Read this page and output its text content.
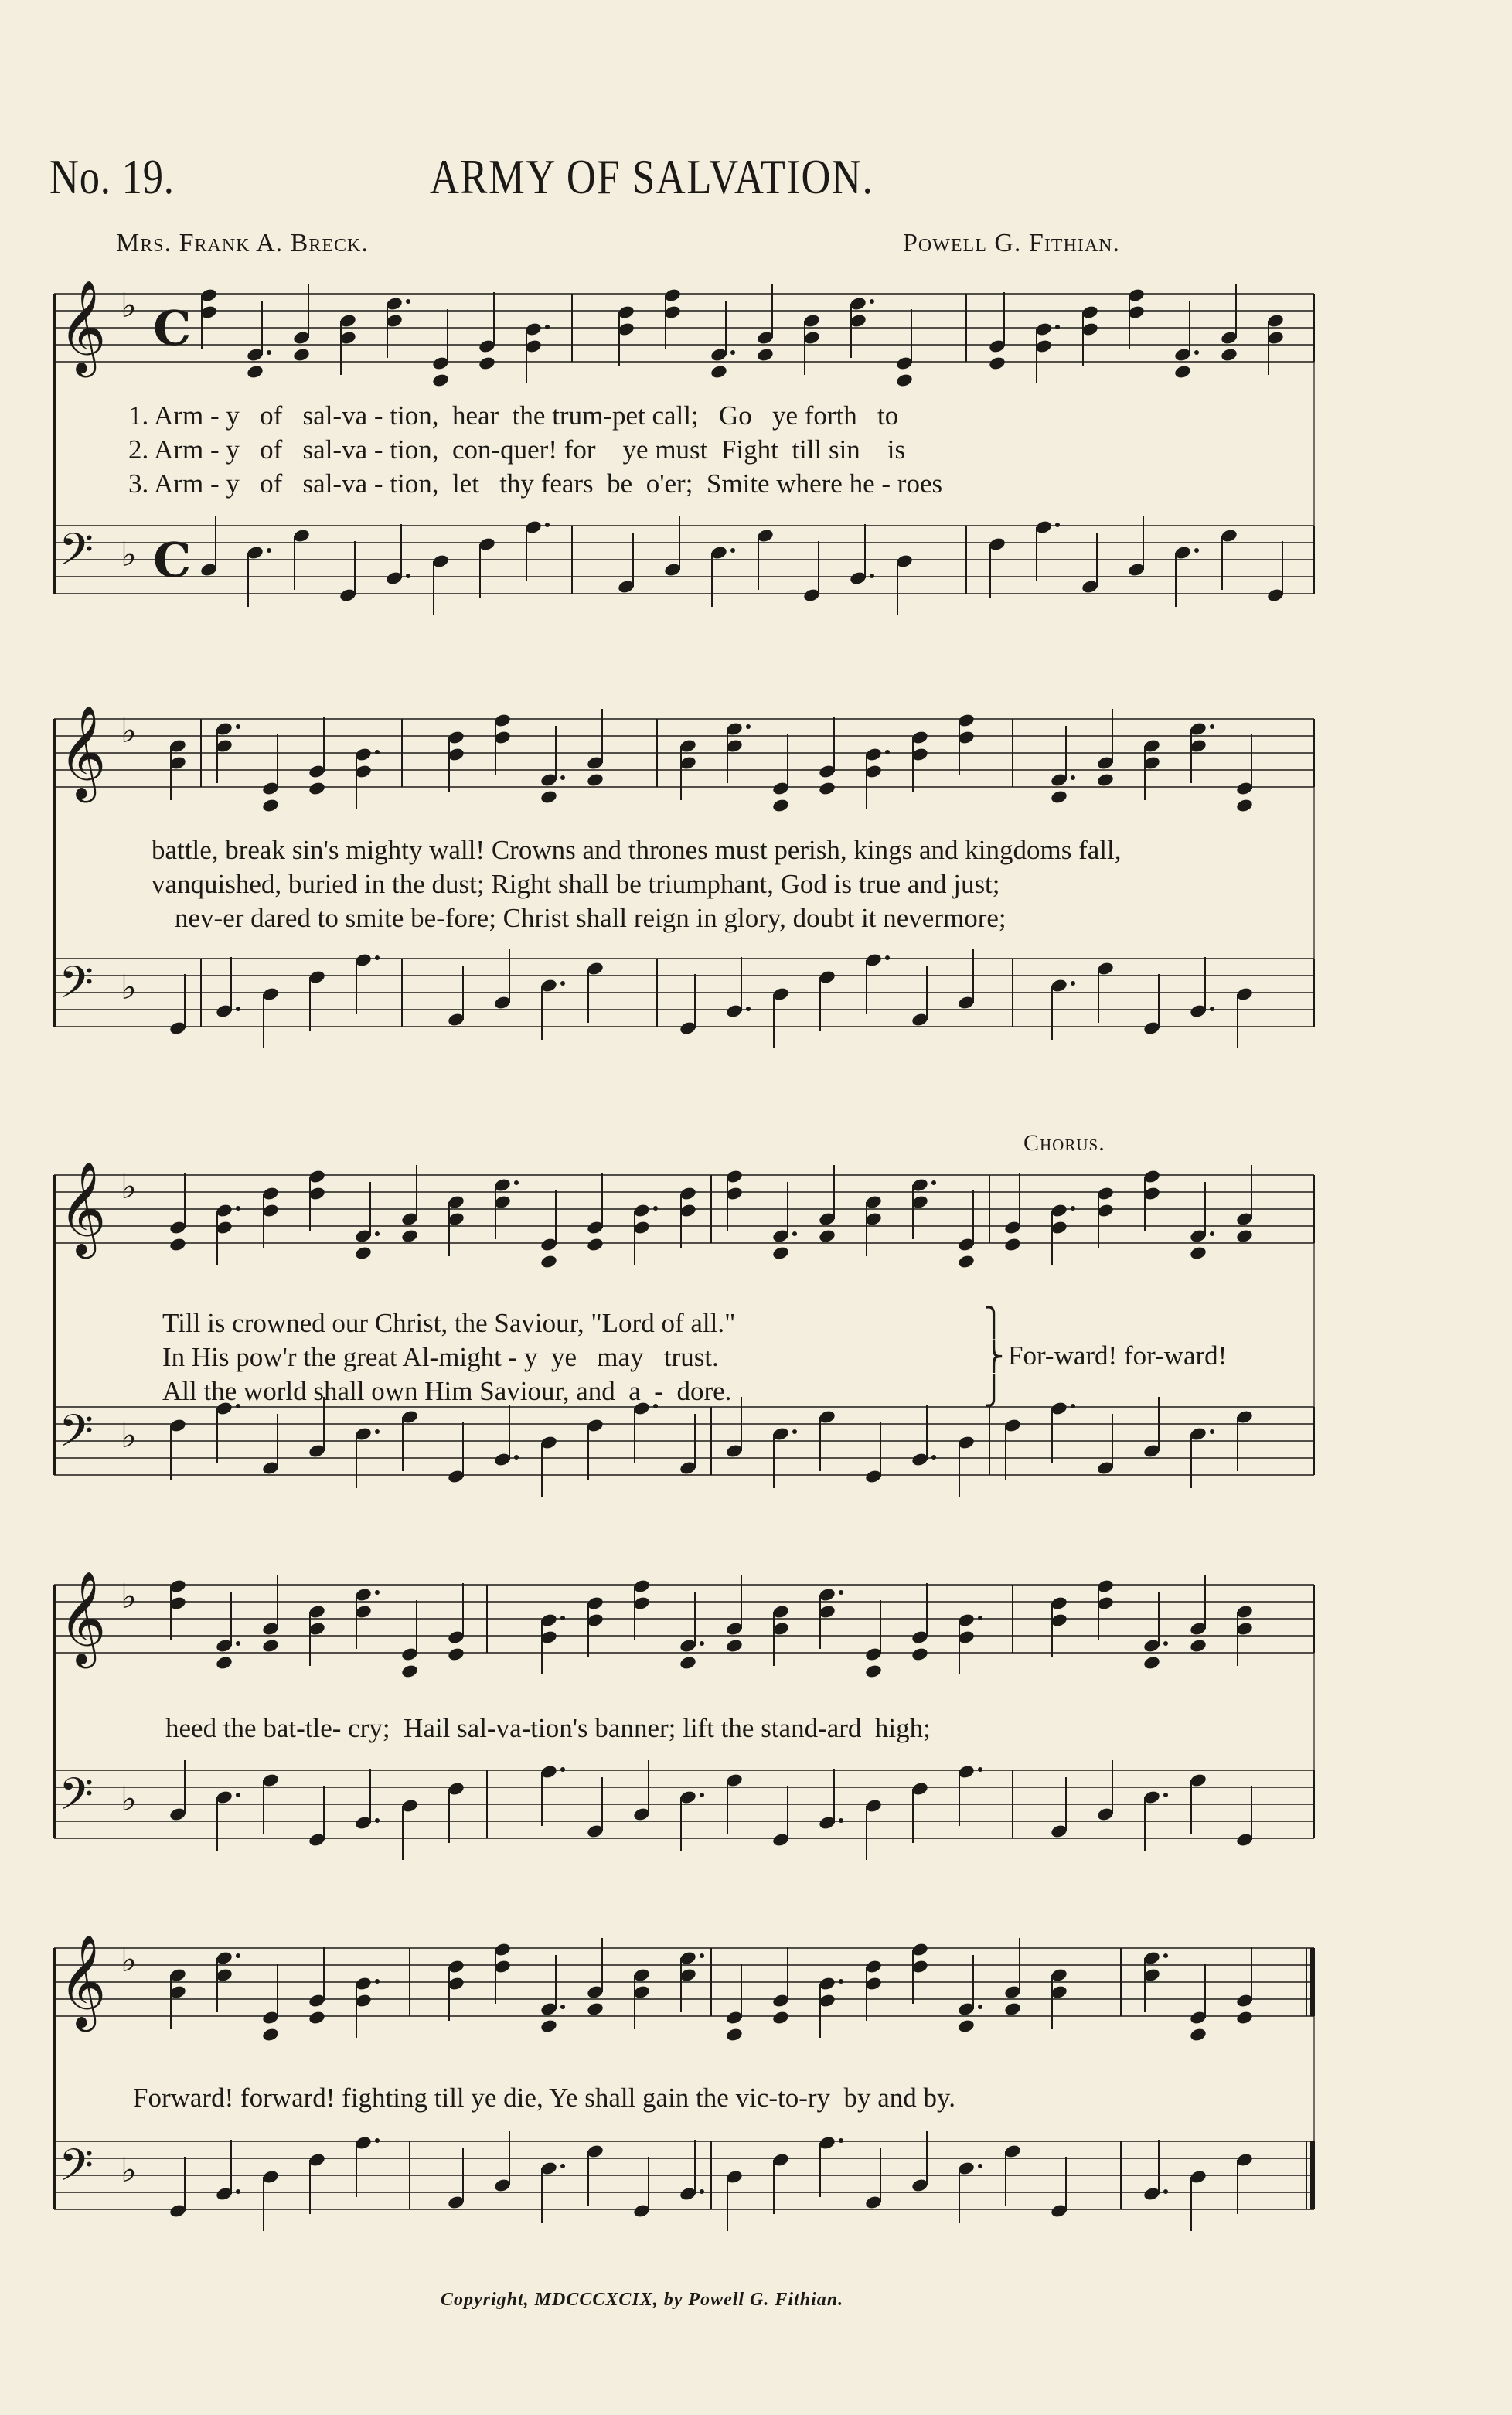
No. 19.	ARMY OF SALVATION.
Mrs. Frank A. Breck.	Powell G. Fithian.
𝄞 ♭ C
𝄢 ♭ C
𝄞 ♭
𝄢 ♭
𝄞 ♭
𝄢 ♭
𝄞 ♭
𝄢 ♭
𝄞 ♭
𝄢 ♭
1. Arm - y   of   sal-va - tion,  hear  the trum-pet call;   Go   ye forth   to
2. Arm - y   of   sal-va - tion,  con-quer! for    ye must  Fight  till sin    is
3. Arm - y   of   sal-va - tion,  let   thy fears  be  o'er;  Smite where he - roes
battle, break sin's mighty wall! Crowns and thrones must perish, kings and kingdoms fall,
vanquished, buried in the dust; Right shall be triumphant, God is true and just;
nev-er dared to smite be-fore; Christ shall reign in glory, doubt it nevermore;
Chorus.
Till is crowned our Christ, the Saviour, "Lord of all."
In His pow'r the great Al-might - y  ye   may   trust.
All the world shall own Him Saviour, and  a  -  dore.
⎫
⎬
⎭
For-ward! for-ward!
heed the bat-tle- cry;  Hail sal-va-tion's banner; lift the stand-ard  high;
Forward! forward! fighting till ye die, Ye shall gain the vic-to-ry  by and by.
Copyright, MDCCCXCIX, by Powell G. Fithian.
